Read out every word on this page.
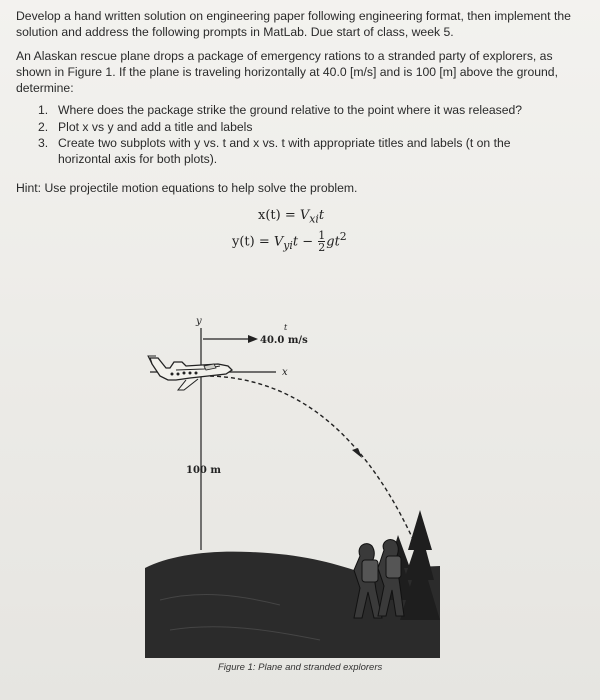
Develop a hand written solution on engineering paper following engineering format, then implement the solution and address the following prompts in MatLab. Due start of class, week 5.

An Alaskan rescue plane drops a package of emergency rations to a stranded party of explorers, as shown in Figure 1. If the plane is traveling horizontally at 40.0 [m/s] and is 100 [m] above the ground, determine:

1. Where does the package strike the ground relative to the point where it was released?
2. Plot x vs y and add a title and labels
3. Create two subplots with y vs. t and x vs. t with appropriate titles and labels (t on the horizontal axis for both plots).

Hint: Use projectile motion equations to help solve the problem.

$x(t) = V_{xi}t$
$y(t) = V_{yi}t - \frac{1}{2} gt^2$
y
t
40.0 m/s
x
100 m
Figure 1: Plane and stranded explorers
